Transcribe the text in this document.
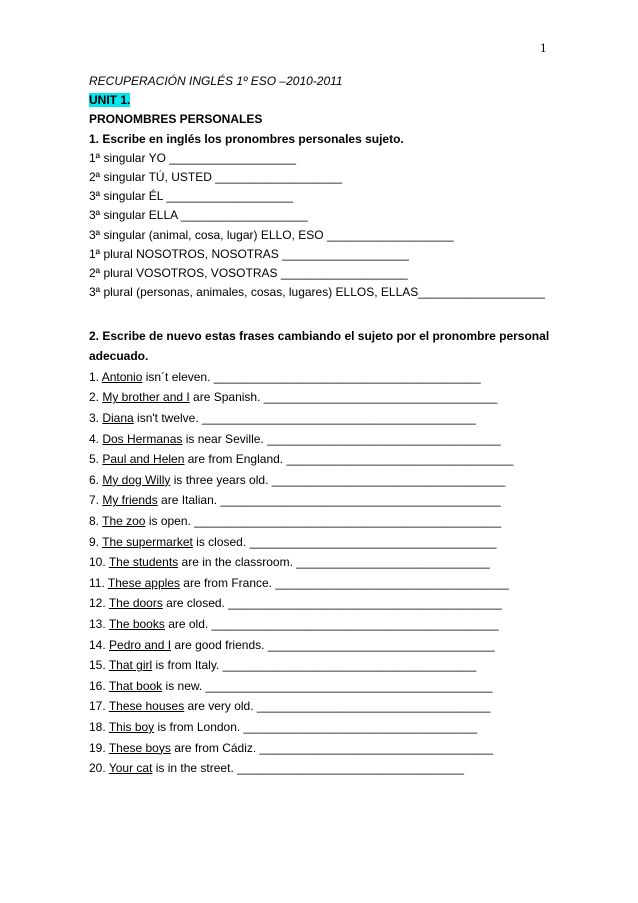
1
RECUPERACIÓN INGLÉS 1º ESO –2010-2011
UNIT 1.
PRONOMBRES PERSONALES
1. Escribe en inglés los pronombres personales sujeto.
1ª singular YO ___________________
2ª singular TÚ, USTED ___________________
3ª singular ÉL ___________________
3ª singular ELLA ___________________
3ª singular (animal, cosa, lugar) ELLO, ESO ___________________
1ª plural NOSOTROS, NOSOTRAS ___________________
2ª plural VOSOTROS, VOSOTRAS ___________________
3ª plural (personas, animales, cosas, lugares) ELLOS, ELLAS___________________
2. Escribe de nuevo estas frases cambiando el sujeto por el pronombre personal
adecuado.
1. Antonio isn´t eleven. ________________________________________
2. My brother and I are Spanish. ___________________________________
3. Diana isn't twelve. _________________________________________
4. Dos Hermanas is near Seville. ___________________________________
5. Paul and Helen are from England. __________________________________
6. My dog Willy is three years old. ___________________________________
7. My friends are Italian. __________________________________________
8. The zoo is open. ______________________________________________
9. The supermarket is closed. _____________________________________
10. The students are in the classroom. _____________________________
11. These apples are from France. ___________________________________
12. The doors are closed. _________________________________________
13. The books are old. ___________________________________________
14. Pedro and I are good friends. __________________________________
15. That girl is from Italy. ______________________________________
16. That book is new. ___________________________________________
17. These houses are very old. ___________________________________
18. This boy is from London. ___________________________________
19. These boys are from Cádiz. ___________________________________
20. Your cat is in the street. __________________________________
